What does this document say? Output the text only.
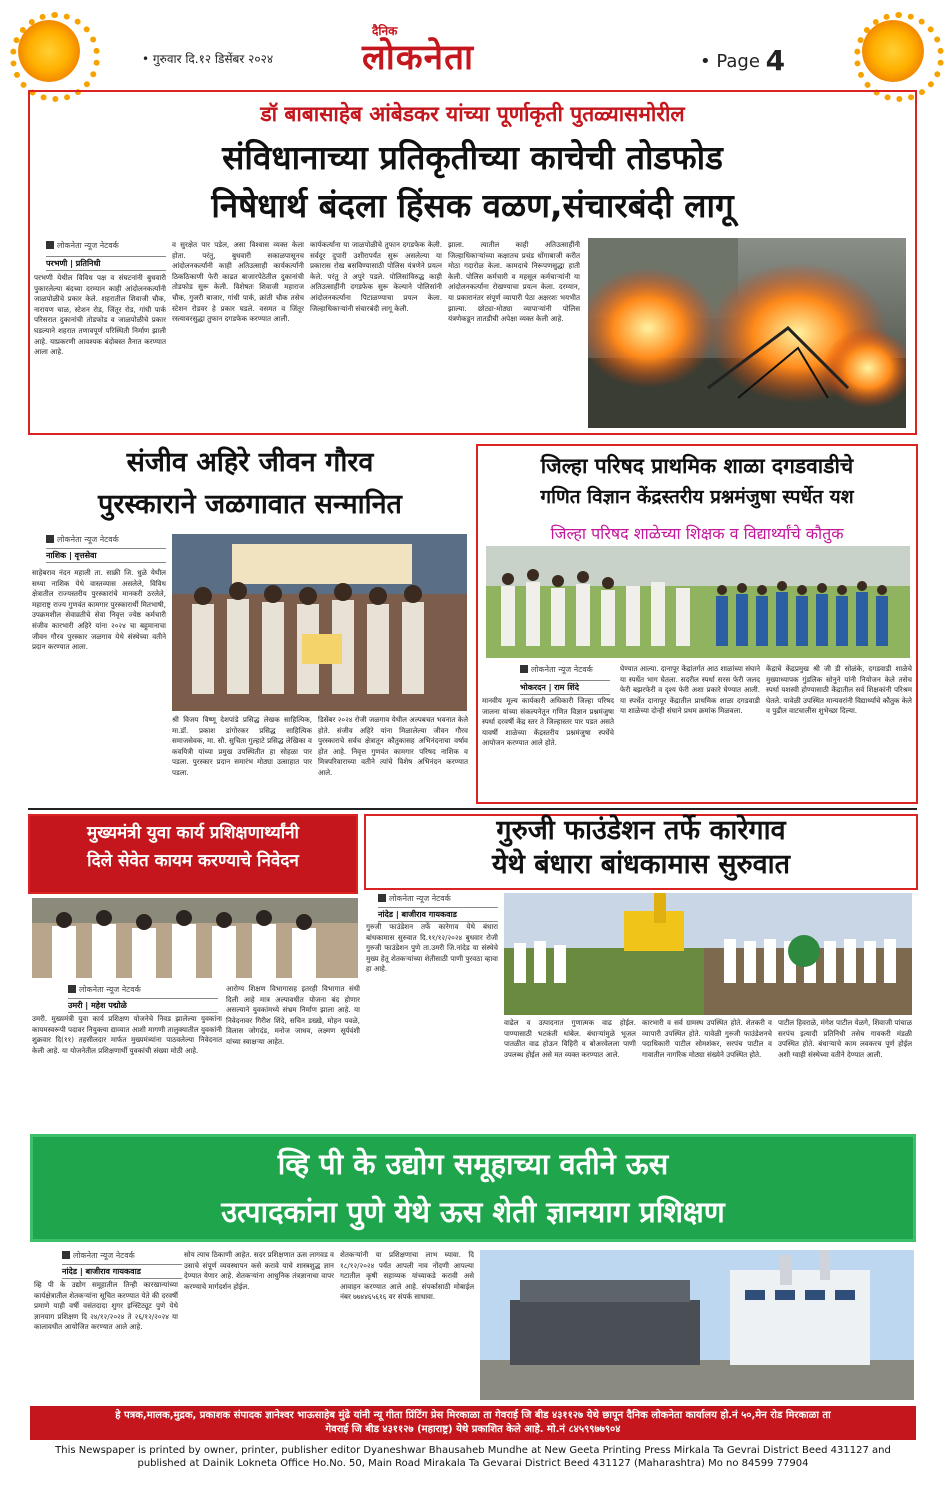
• गुरुवार दि.१२ डिसेंबर २०२४
दैनिक
लोकनेता	• Page 4
डॉ बाबासाहेब आंबेडकर यांच्या पूर्णाकृती पुतळ्यासमोरील
संविधानाच्या प्रतिकृतीच्या काचेची तोडफोड
निषेधार्थ बंदला हिंसक वळण,संचारबंदी लागू
लोकनेता न्यूज नेटवर्क
परभणी | प्रतिनिधी
परभणी येथील विविध पक्ष व संघटनांनी बुधवारी पुकारलेल्या बंदच्या दरम्यान काही आंदोलनकर्त्यांनी जाळपोळीचे प्रकार केले. शहरातील शिवाजी चौक, नारायण चाळ, स्टेशन रोड, जिंतूर रोड, गांधी पार्क परिसरात दुकानांची तोडफोड व जाळपोळीचे प्रकार घडल्याने शहरात तणावपूर्ण परिस्थिती निर्माण झाली आहे. याप्रकरणी आवश्यक बंदोबस्त तैनात करण्यात आला आहे.
व सुरक्षेत पार पडेल, असा विश्वास व्यक्त केला होता. परंतु, बुधवारी सकाळपासूनच आंदोलनकर्त्यांनी काही अतिउत्साही कार्यकर्त्यांनी ठिकठिकाणी फेरी काढत बाजारपेठेतील दुकानांची तोडफोड सुरू केली. विशेषतः शिवाजी महाराज चौक, गुजरी बाजार, गांधी पार्क, क्रांती चौक तसेच स्टेशन रोडवर हे प्रकार घडले. वसमत व जिंतूर रस्त्यावरसुद्धा तुफान दगडफेक करण्यात आली.
कार्यकर्त्यांना या जाळपोळीचे तुफान दगडफेक केली. सर्वदूर दुपारी उशीरापर्यंत सुरू असलेल्या या प्रकारास रोख बसविण्यासाठी पोलिस यंत्रणेने प्रयत्न केले. परंतु ते अपुरे पडले. पोलिसांविरुद्ध काही अतिउत्साहींनी दगडफेक सुरू केल्याने पोलिसांनी आंदोलनकर्त्यांना पिटाळण्याचा प्रयत्न केला. जिल्हाधिकाऱ्यांनी संचारबंदी लागू केली.
झाला. त्यातील काही अतिउत्साहींनी जिल्हाधिकाऱ्यांच्या कक्षातच प्रचंड धोंगाबाजी करीत मोठा गदारोळ केला. कामदाचे निरूपणसुद्धा हाती केली. पोलिस कर्मचारी व महसूल कर्मचाऱ्यांनी या आंदोलनकर्त्यांना रोखण्याचा प्रयत्न केला. दरम्यान, या प्रकारानंतर संपूर्ण व्यापारी पेठा अक्षरशः भयभीत झाल्या. छोट्या-मोठ्या व्यापाऱ्यांनी पोलिस यंत्रणेकडून तातडीची अपेक्षा व्यक्त केली आहे.
संजीव अहिरे जीवन गौरव
पुरस्काराने जळगावात सन्मानित
लोकनेता न्यूज नेटवर्क
नाशिक | वृत्तसेवा
साहेबराव नंदन महाली ता. साक्री जि. धुळे येथील सध्या नाशिक येथे वास्तव्यास असलेले, विविध क्षेत्रातील राज्यस्तरीय पुरस्कारांचे मानकरी ठरलेले, महाराष्ट्र राज्य गुणवंत कामगार पुरस्कारार्थी मितभाषी, उपक्रमशील सेवाव्रतीचे सेवा निवृत्त ज्येष्ठ कर्मचारी संजीव कारभारी अहिरे यांना २०२४ चा बहुमानाचा जीवन गौरव पुरस्कार जळगाव येथे संस्थेच्या वतीने प्रदान करण्यात आला.
श्री विजय विष्णू देशपांडे प्रसिद्ध लेखक साहित्यिक, मा.डॉ. प्रकाश डांगोरकर प्रसिद्ध साहित्यिक समाजसेवक, मा. सौ. सुचिता गुल्हाटे प्रसिद्ध लेखिका व कवयित्री यांच्या प्रमुख उपस्थितीत हा सोहळा पार पडला. पुरस्कार प्रदान समारंभ मोठ्या उत्साहात पार पडला.
डिसेंबर २०२४ रोजी जळगाव येथील अल्पबचत भवनात केले होते. संजीव अहिरे यांना मिळालेल्या जीवन गौरव पुरस्काराचे सर्वच क्षेत्रातून कौतुकासह अभिनंदनाचा वर्षाव होत आहे. निवृत्त गुणवंत कामगार परिषद नाशिक व मित्रपरिवाराच्या वतीने त्यांचे विशेष अभिनंदन करण्यात आले.
जिल्हा परिषद प्राथमिक शाळा दगडवाडीचे
गणित विज्ञान केंद्रस्तरीय प्रश्नमंजुषा स्पर्धेत यश
जिल्हा परिषद शाळेच्या शिक्षक व विद्यार्थ्यांचे कौतुक
लोकनेता न्यूज नेटवर्क
भोकरदन | राम शिंदे
मानवीय मूल्य कार्यकारी अधिकारी जिल्हा परिषद जालना यांच्या संकल्पनेतून गणित विज्ञान प्रश्नमंजुषा स्पर्धा दरवर्षी केंद्र स्तर ते जिल्हास्तर पार पडत असते यावर्षी शाळेच्या केंद्रस्तरीय प्रश्नमंजुषा स्पर्धेचे आयोजन करण्यात आले होते.
घेण्यात आल्या. दानापूर केंद्रांतर्गत आठ शाळांच्या संघाने या स्पर्धेत भाग घेतला. सदरील स्पर्धा सरस फेरी जलद फेरी बझरफेरी व दृश्य फेरी अशा प्रकारे घेण्यात आली. या स्पर्धेत दानापूर केंद्रातील प्राथमिक शाळा दगडवाडी या शाळेच्या दोन्ही संघाने प्रथम क्रमांक मिळवला.
केंद्राचे केंद्रप्रमुख श्री जी डी सोळंके, दगडवाडी शाळेचे मुख्याध्यापक गुंडलिक सोनुने यांनी नियोजन केले तसेच स्पर्धा यशस्वी होण्यासाठी केंद्रातील सर्व शिक्षकांनी परिश्रम घेतले. यावेळी उपस्थित मान्यवरांनी विद्यार्थ्यांचे कौतुक केले व पुढील वाटचालीस शुभेच्छा दिल्या.
मुख्यमंत्री युवा कार्य प्रशिक्षणार्थ्यांनी
दिले सेवेत कायम करण्याचे निवेदन
लोकनेता न्यूज नेटवर्क
उमरी | महेश पद्मोळे
उमरी. मुख्यमंत्री युवा कार्य प्रशिक्षण योजनेचे निवड झालेल्या युवकांना कायमस्वरूपी पदावर नियुक्त्या द्याव्यात आशी मागणी तालुक्यातील युवकांनी शुक्रवार दि(११) तहसीलदार मार्फत मुख्यमंत्र्यांना पाठवलेल्या निवेदनात केली आहे. या योजनेतील प्रशिक्षणार्थी युवकांची संख्या मोठी आहे.
आरोग्य शिक्षण विभागासह इतरही विभागात संधी दिली आहे मात्र अल्पावधीत योजना बंद होणार असल्याने युवकांमध्ये संभ्रम निर्माण झाला आहे. या निवेदनावर गिरीश शिंदे, सचिन डख्खे, मोहन पवळे, विलास जोगदंड, मनोज जाधव, लक्ष्मण सूर्यवंशी यांच्या स्वाक्षऱ्या आहेत.
गुरुजी फाउंडेशन तर्फे कारेगाव
येथे बंधारा बांधकामास सुरुवात
लोकनेता न्यूज नेटवर्क
नांदेड | बाजीराव गायकवाड
गुरुजी फाउंडेशन तर्फे कारेगाव येथे बंधारा बांधकामास सुरुवात दि.११/१२/२०२४ बुधवार रोजी गुरुजी फाउंडेशन पुणे ता.उमरी जि.नांदेड या संस्थेचे मुख्य हेतू शेतकऱ्यांच्या शेतीसाठी पाणी पुरवठा व्हावा हा आहे.
वाढेल व उत्पादनात गुणात्मक वाढ होईल. पाण्यासाठी भटकंती थांबेल. बंधाऱ्यांमुळे भूजल पातळीत वाढ होऊन विहिरी व बोअरवेलला पाणी उपलब्ध होईल असे मत व्यक्त करण्यात आले.
कारभारी व सर्व ग्रामस्थ उपस्थित होते. शेतकरी व व्यापारी उपस्थित होते. यावेळी गुरुजी फाउंडेशनचे पदाधिकारी पाटील सोमशंकर, सरपंच पाटील व गावातील नागरिक मोठ्या संख्येने उपस्थित होते.
पाटील हिवराळे, मंगेश पाटील येळगे, शिवाजी पांचाळ सरपंच इत्यादी प्रतिनिधी तसेच गावकरी मंडळी उपस्थित होते. बंधाऱ्याचे काम लवकरच पूर्ण होईल अशी ग्वाही संस्थेच्या वतीने देण्यात आली.
व्हि पी के उद्योग समूहाच्या वतीने ऊस
उत्पादकांना पुणे येथे ऊस शेती ज्ञानयाग प्रशिक्षण
लोकनेता न्यूज नेटवर्क
नांदेड | बाजीराव गायकवाड
व्हि पी के उद्योग समूहातील तिन्ही कारखान्यांच्या कार्यक्षेत्रातील शेतकऱ्यांना सूचित करण्यात येते की दरवर्षी प्रमाणे याही वर्षी वसंतदादा शुगर इन्स्टिट्यूट पुणे येथे ज्ञानयाग प्रशिक्षण दि २४/१२/२०२४ ते २६/१२/२०२४ या कालावधीत आयोजित करण्यात आले आहे.
सोय त्याच ठिकाणी आहेत. सदर प्रशिक्षणात ऊस लागवड व उसाचे संपूर्ण व्यवस्थापन कसे करावे याचे शास्त्रशुद्ध ज्ञान देण्यात येणार आहे. शेतकऱ्यांना आधुनिक तंत्रज्ञानाचा वापर करण्याचे मार्गदर्शन होईल.
शेतकऱ्यांनी या प्रशिक्षणाचा लाभ घ्यावा. दि १८/१२/२०२४ पर्यंत आपली नाव नोंदणी आपल्या गटातील कृषी सहाय्यक यांच्याकडे करावी असे आवाहन करण्यात आले आहे. संपर्कासाठी मोबाईल नंबर ७७४४६५६१६ वर संपर्क साधावा.
हे पत्रक,मालक,मुद्रक, प्रकाशक संपादक ज्ञानेश्वर भाऊसाहेब मुंढे यांनी न्यू गीता प्रिंटिंग प्रेस मिरकाळा ता गेवराई जि बीड ४३११२७ येथे छापून दैनिक लोकनेता कार्यालय हो.नं ५०,मेन रोड मिरकाळा ता
गेवराई जि बीड ४३११२७ (महाराष्ट्र) येथे प्रकाशित केले आहे. मो.नं ८४५९९७७९०४
This Newspaper is printed by owner, printer, publisher editor Dyaneshwar Bhausaheb Mundhe at New Geeta Printing Press Mirkala Ta Gevrai District Beed 431127 and
published at Dainik Lokneta Office Ho.No. 50, Main Road Mirakala Ta Gevarai District Beed 431127 (Maharashtra) Mo no 84599 77904
